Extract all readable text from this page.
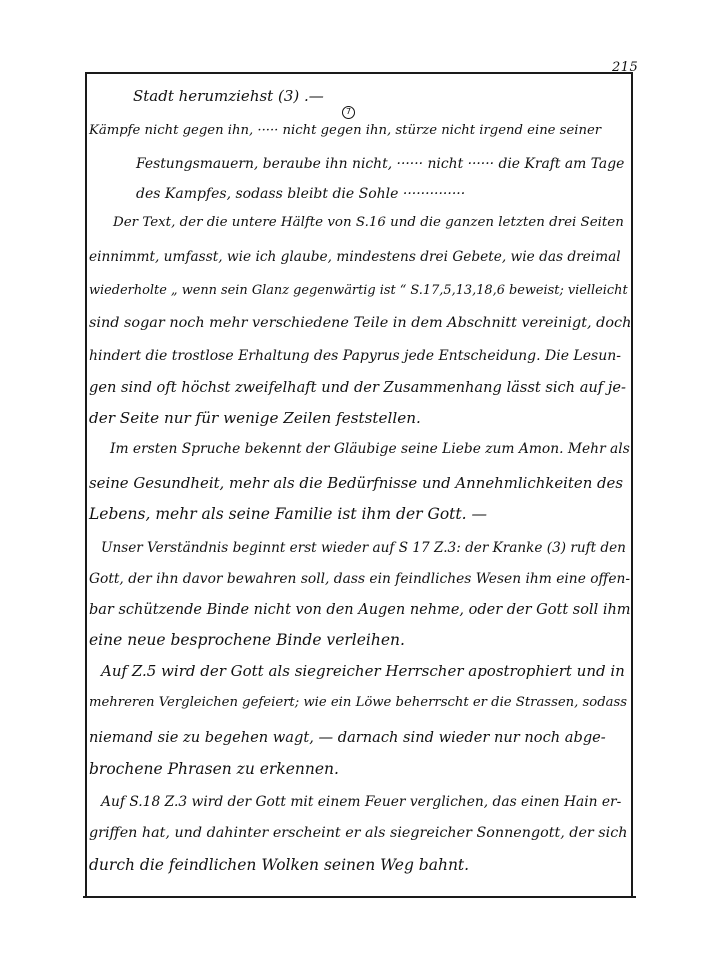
215
7
Stadt herumziehst (3) .—
Kämpfe nicht gegen ihn, ····· nicht gegen ihn, stürze nicht irgend eine seiner
Festungsmauern, beraube ihn nicht, ······ nicht ······ die Kraft am Tage
des Kampfes, sodass bleibt die Sohle ··············
Der Text, der die untere Hälfte von S.16 und die ganzen letzten drei Seiten
einnimmt, umfasst, wie ich glaube, mindestens drei Gebete, wie das dreimal
wiederholte „ wenn sein Glanz gegenwärtig ist “ S.17,5,13,18,6 beweist; vielleicht
sind sogar noch mehr verschiedene Teile in dem Abschnitt vereinigt, doch
hindert die trostlose Erhaltung des Papyrus jede Entscheidung. Die Lesun-
gen sind oft höchst zweifelhaft und der Zusammenhang lässt sich auf je-
der Seite nur für wenige Zeilen feststellen.
Im ersten Spruche bekennt der Gläubige seine Liebe zum Amon. Mehr als
seine Gesundheit, mehr als die Bedürfnisse und Annehmlichkeiten des
Lebens, mehr als seine Familie ist ihm der Gott. —
Unser Verständnis beginnt erst wieder auf S 17 Z.3: der Kranke (3) ruft den
Gott, der ihn davor bewahren soll, dass ein feindliches Wesen ihm eine offen-
bar schützende Binde nicht von den Augen nehme, oder der Gott soll ihm
eine neue besprochene Binde verleihen.
Auf Z.5 wird der Gott als siegreicher Herrscher apostrophiert und in
mehreren Vergleichen gefeiert; wie ein Löwe beherrscht er die Strassen, sodass
niemand sie zu begehen wagt, — darnach sind wieder nur noch abge-
brochene Phrasen zu erkennen.
Auf S.18 Z.3 wird der Gott mit einem Feuer verglichen, das einen Hain er-
griffen hat, und dahinter erscheint er als siegreicher Sonnengott, der sich
durch die feindlichen Wolken seinen Weg bahnt.
